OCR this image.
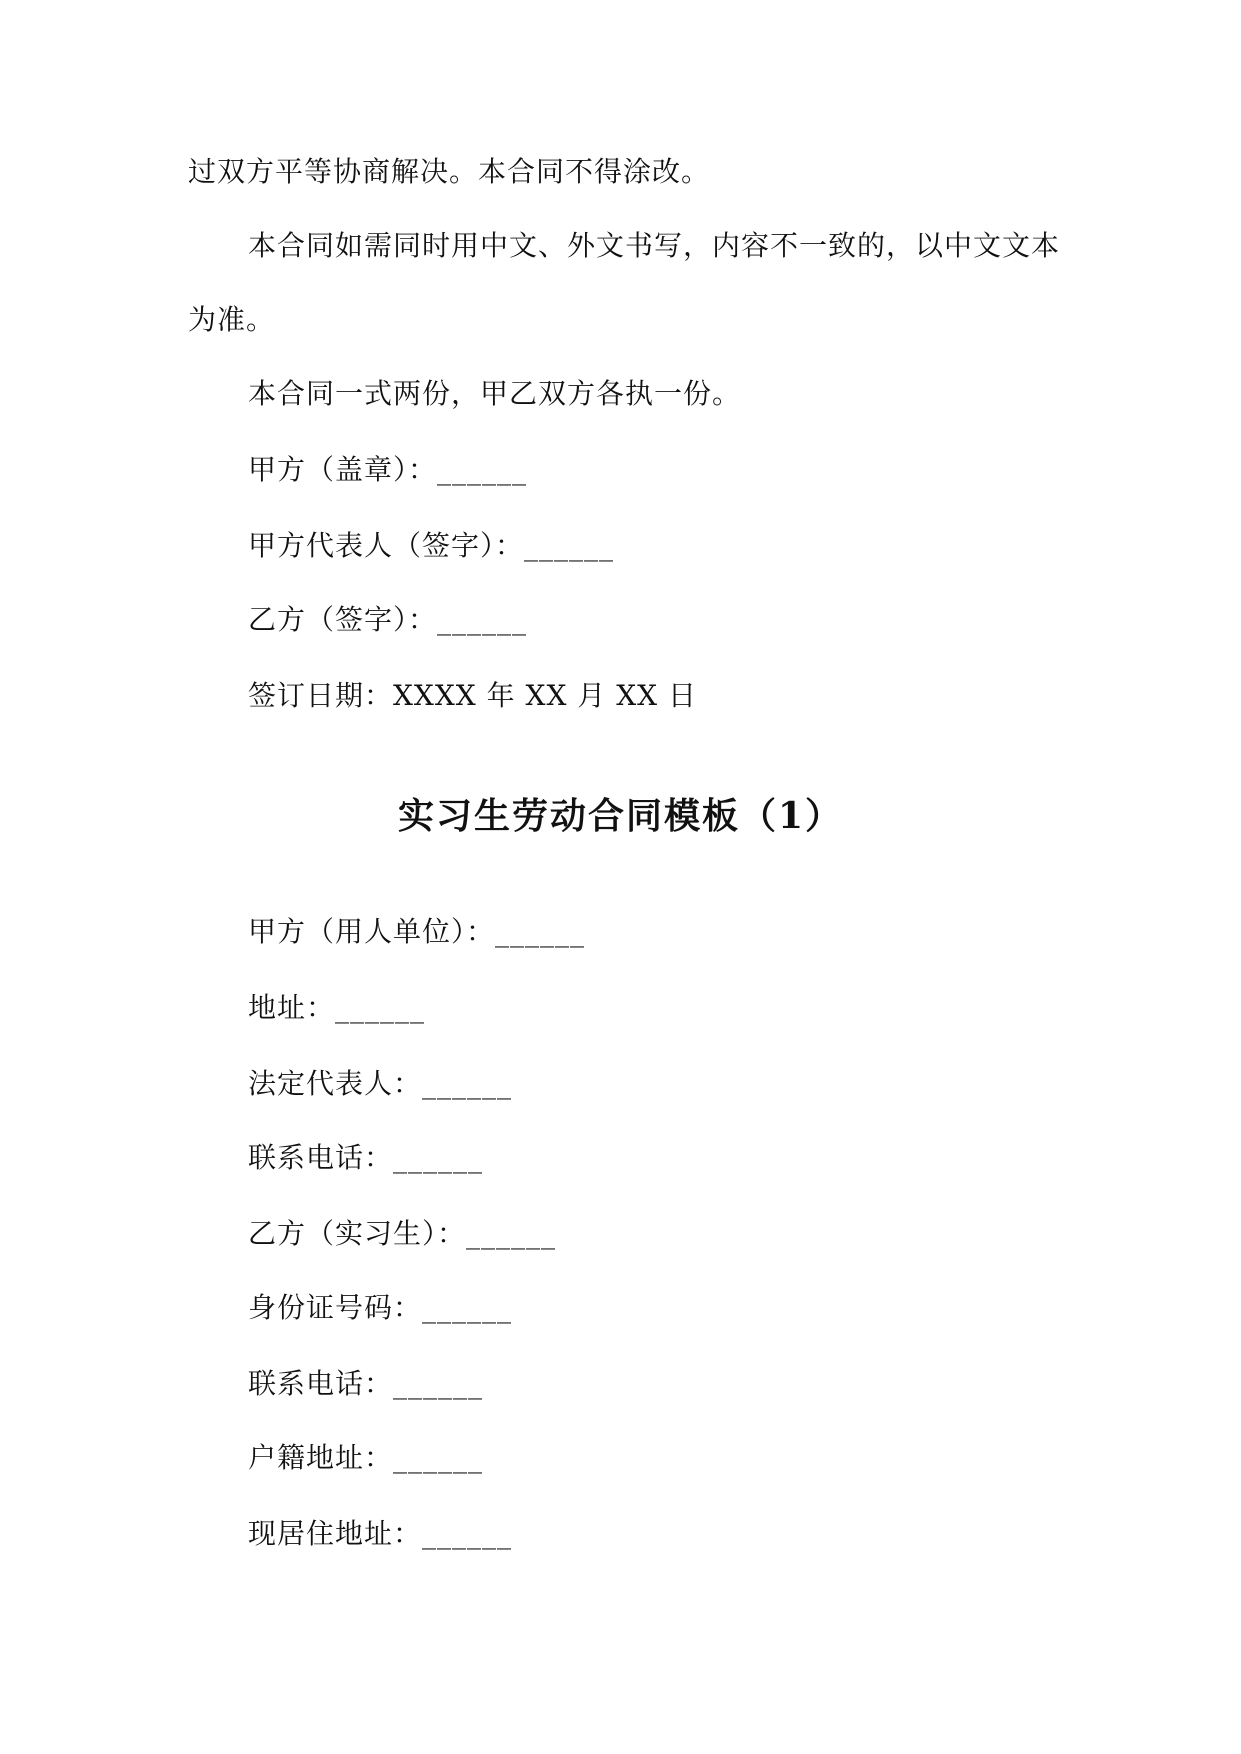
过双方平等协商解决。本合同不得涂改。
本合同如需同时用中文、外文书写，内容不一致的，以中文文本
为准。
本合同一式两份，甲乙双方各执一份。
甲方（盖章）：______
甲方代表人（签字）：______
乙方（签字）：______
签订日期：XXXX 年 XX 月 XX 日
实习生劳动合同模板（1）
甲方（用人单位）：______
地址：______
法定代表人：______
联系电话：______
乙方（实习生）：______
身份证号码：______
联系电话：______
户籍地址：______
现居住地址：______
